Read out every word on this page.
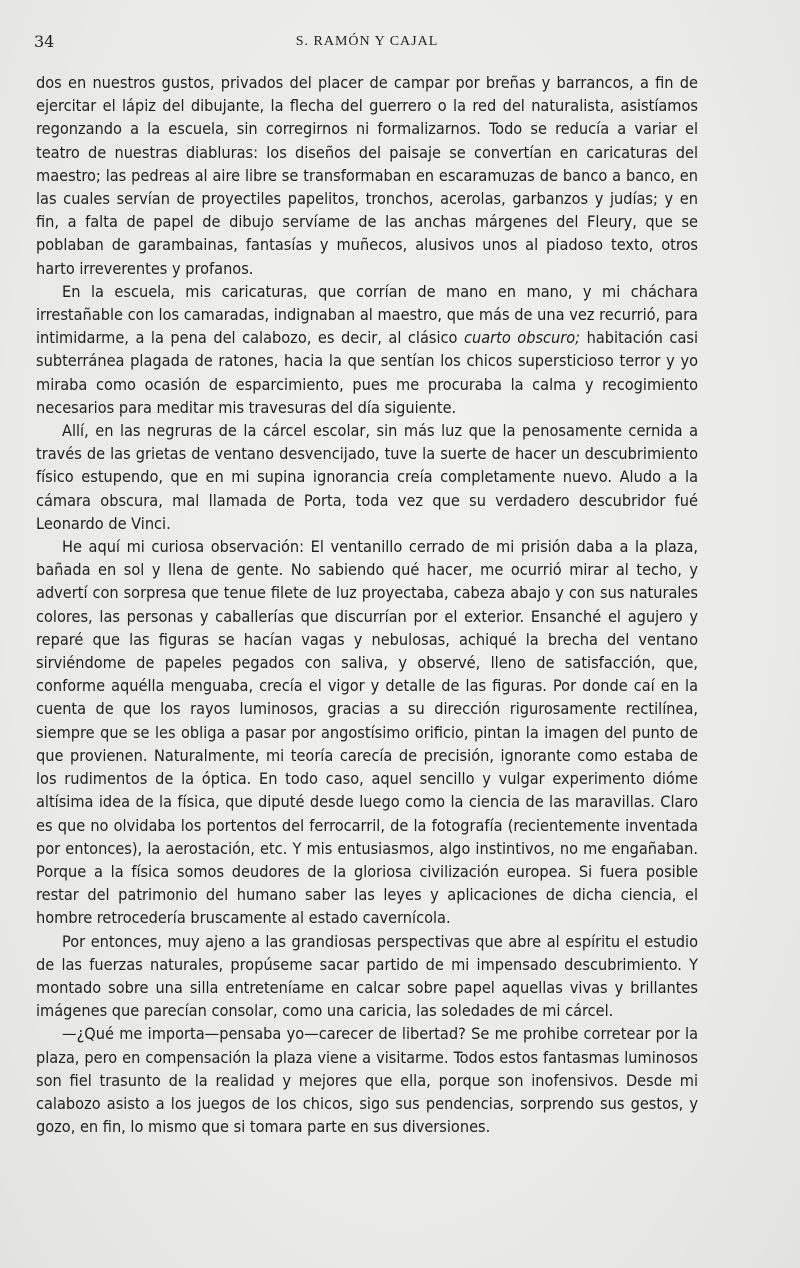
34	S. RAMÓN Y CAJAL

dos en nuestros gustos, privados del placer de campar por breñas y barrancos, a fin de ejercitar el lápiz del dibujante, la flecha del guerrero o la red del naturalista, asistíamos regonzando a la escuela, sin corregirnos ni formalizarnos. Todo se reducía a variar el teatro de nuestras diabluras: los diseños del paisaje se convertían en caricaturas del maestro; las pedreas al aire libre se transformaban en escaramuzas de banco a banco, en las cuales servían de proyectiles papelitos, tronchos, acerolas, garbanzos y judías; y en fin, a falta de papel de dibujo servíame de las anchas márgenes del Fleury, que se poblaban de garambainas, fantasías y muñecos, alusivos unos al piadoso texto, otros harto irreverentes y profanos.

En la escuela, mis caricaturas, que corrían de mano en mano, y mi cháchara irrestañable con los camaradas, indignaban al maestro, que más de una vez recurrió, para intimidarme, a la pena del calabozo, es decir, al clásico cuarto obscuro; habitación casi subterránea plagada de ratones, hacia la que sentían los chicos supersticioso terror y yo miraba como ocasión de esparcimiento, pues me procuraba la calma y recogimiento necesarios para meditar mis travesuras del día siguiente.

Allí, en las negruras de la cárcel escolar, sin más luz que la penosamente cernida a través de las grietas de ventano desvencijado, tuve la suerte de hacer un descubrimiento físico estupendo, que en mi supina ignorancia creía completamente nuevo. Aludo a la cámara obscura, mal llamada de Porta, toda vez que su verdadero descubridor fué Leonardo de Vinci.

He aquí mi curiosa observación: El ventanillo cerrado de mi prisión daba a la plaza, bañada en sol y llena de gente. No sabiendo qué hacer, me ocurrió mirar al techo, y advertí con sorpresa que tenue filete de luz proyectaba, cabeza abajo y con sus naturales colores, las personas y caballerías que discurrían por el exterior. Ensanché el agujero y reparé que las figuras se hacían vagas y nebulosas, achiqué la brecha del ventano sirviéndome de papeles pegados con saliva, y observé, lleno de satisfacción, que, conforme aquélla menguaba, crecía el vigor y detalle de las figuras. Por donde caí en la cuenta de que los rayos luminosos, gracias a su dirección rigurosamente rectilínea, siempre que se les obliga a pasar por angostísimo orificio, pintan la imagen del punto de que provienen. Naturalmente, mi teoría carecía de precisión, ignorante como estaba de los rudimentos de la óptica. En todo caso, aquel sencillo y vulgar experimento dióme altísima idea de la física, que diputé desde luego como la ciencia de las maravillas. Claro es que no olvidaba los portentos del ferrocarril, de la fotografía (recientemente inventada por entonces), la aerostación, etc. Y mis entusiasmos, algo instintivos, no me engañaban. Porque a la física somos deudores de la gloriosa civilización europea. Si fuera posible restar del patrimonio del humano saber las leyes y aplicaciones de dicha ciencia, el hombre retrocedería bruscamente al estado cavernícola.

Por entonces, muy ajeno a las grandiosas perspectivas que abre al espíritu el estudio de las fuerzas naturales, propúseme sacar partido de mi impensado descubrimiento. Y montado sobre una silla entreteníame en calcar sobre papel aquellas vivas y brillantes imágenes que parecían consolar, como una caricia, las soledades de mi cárcel.

—¿Qué me importa—pensaba yo—carecer de libertad? Se me prohibe corretear por la plaza, pero en compensación la plaza viene a visitarme. Todos estos fantasmas luminosos son fiel trasunto de la realidad y mejores que ella, porque son inofensivos. Desde mi calabozo asisto a los juegos de los chicos, sigo sus pendencias, sorprendo sus gestos, y gozo, en fin, lo mismo que si tomara parte en sus diversiones.
